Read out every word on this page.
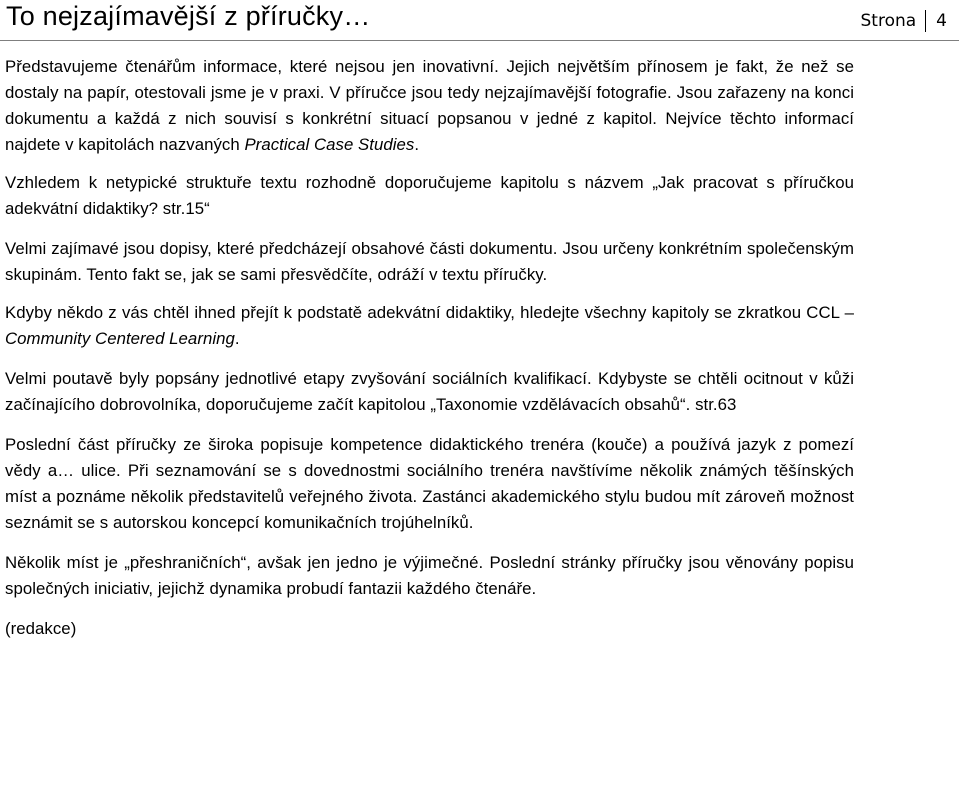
To nejzajímavější z příručky…	Strona 4

Představujeme čtenářům informace, které nejsou jen inovativní. Jejich největším přínosem je fakt, že než se dostaly na papír, otestovali jsme je v praxi. V příručce jsou tedy nejzajímavější fotografie. Jsou zařazeny na konci dokumentu a každá z nich souvisí s konkrétní situací popsanou v jedné z kapitol. Nejvíce těchto informací najdete v kapitolách nazvaných Practical Case Studies.

Vzhledem k netypické struktuře textu rozhodně doporučujeme kapitolu s názvem „Jak pracovat s příručkou adekvátní didaktiky? str.15“

Velmi zajímavé jsou dopisy, které předcházejí obsahové části dokumentu. Jsou určeny konkrétním společenským skupinám. Tento fakt se, jak se sami přesvědčíte, odráží v textu příručky.

Kdyby někdo z vás chtěl ihned přejít k podstatě adekvátní didaktiky, hledejte všechny kapitoly se zkratkou CCL – Community Centered Learning.

Velmi poutavě byly popsány jednotlivé etapy zvyšování sociálních kvalifikací. Kdybyste se chtěli ocitnout v kůži začínajícího dobrovolníka, doporučujeme začít kapitolou „Taxonomie vzdělávacích obsahů“. str.63

Poslední část příručky ze široka popisuje kompetence didaktického trenéra (kouče) a používá jazyk z pomezí vědy a… ulice. Při seznamování se s dovednostmi sociálního trenéra navštívíme několik známých těšínských míst a poznáme několik představitelů veřejného života. Zastánci akademického stylu budou mít zároveň možnost seznámit se s autorskou koncepcí komunikačních trojúhelníků.

Několik míst je „přeshraničních“, avšak jen jedno je výjimečné. Poslední stránky příručky jsou věnovány popisu společných iniciativ, jejichž dynamika probudí fantazii každého čtenáře.

(redakce)
